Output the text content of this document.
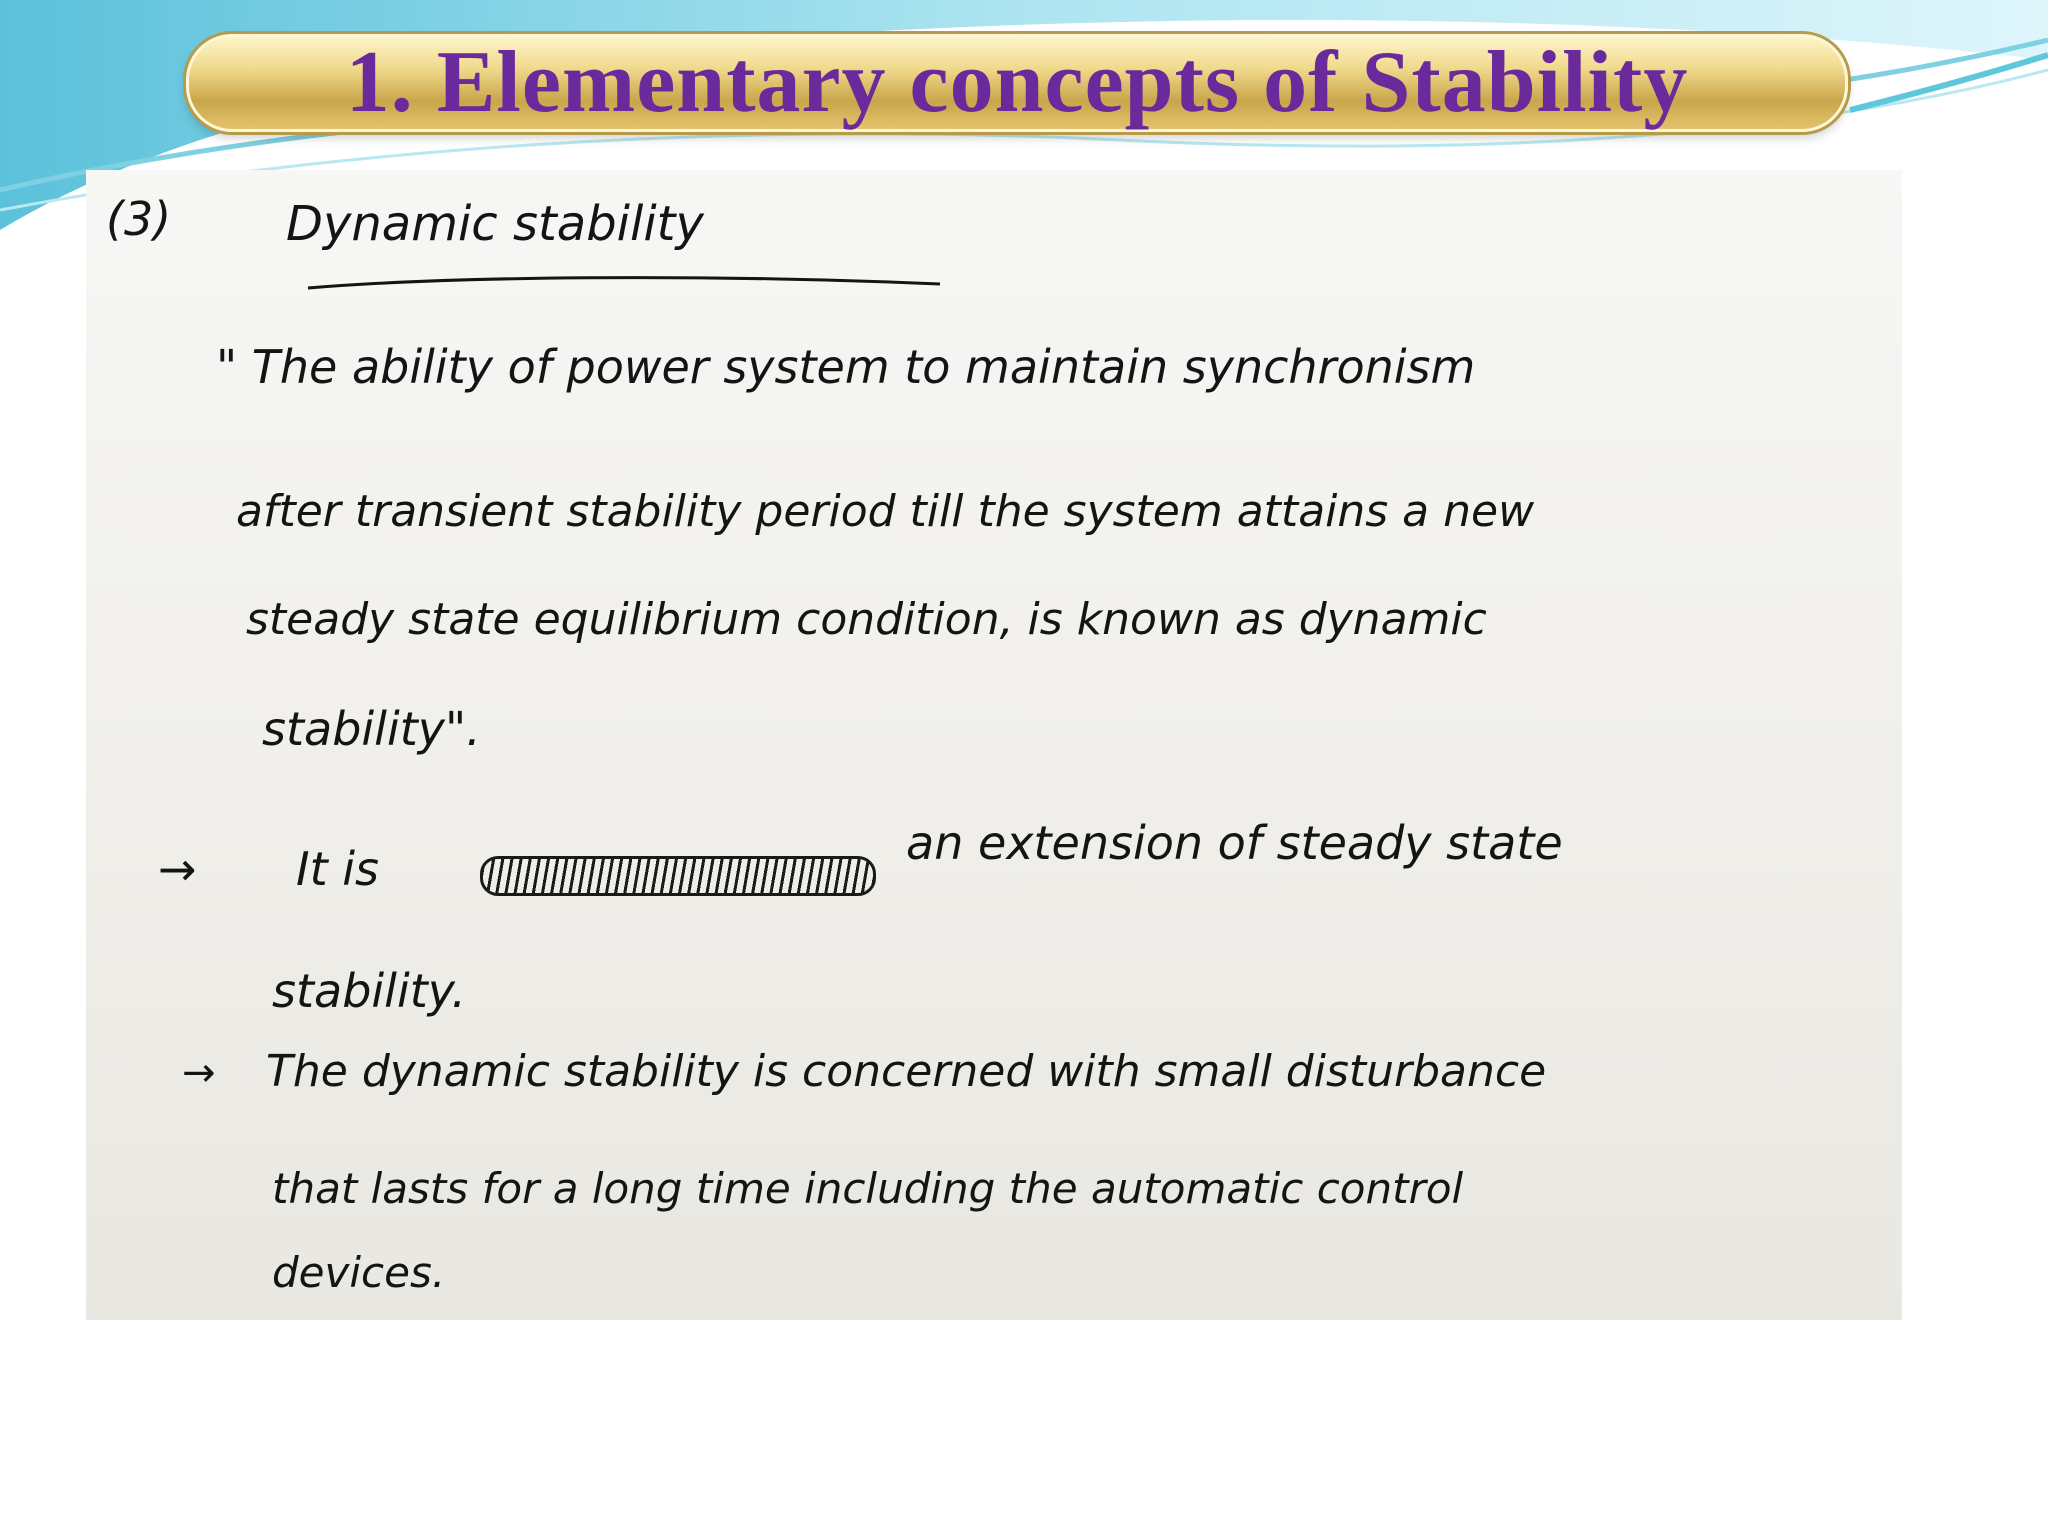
1. Elementary concepts of Stability
(3) Dynamic stability
" The ability of power system to maintain synchronism
after transient stability period till the system attains a new
steady state equilibrium condition, is known as dynamic
stability".
→ It is	an extension of steady state
stability.
→ The dynamic stability is concerned with small disturbance
that lasts for a long time including the automatic control
devices.
